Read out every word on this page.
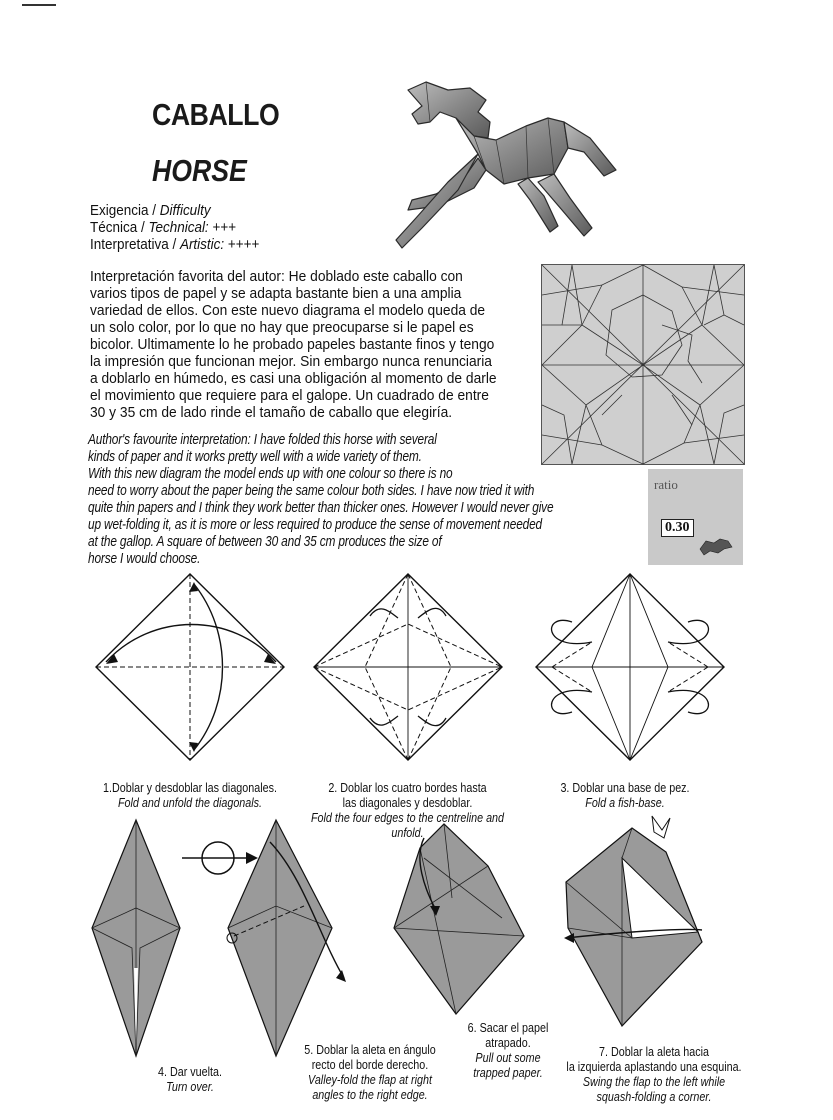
CABALLO
HORSE
Exigencia / Difficulty
Técnica / Technical: +++
Interpretativa / Artistic: ++++
Interpretación favorita del autor: He doblado este caballo con
varios tipos de papel y se adapta bastante bien a una amplia
variedad de ellos. Con este nuevo diagrama el modelo queda de
un solo color, por lo que no hay que preocuparse si le papel es
bicolor. Ultimamente lo he probado papeles bastante finos y tengo
la impresión que funcionan mejor. Sin embargo nunca renunciaria
a doblarlo en húmedo, es casi una obligación al momento de darle
el movimiento que requiere para el galope. Un cuadrado de entre
30 y 35 cm de lado rinde el tamaño de caballo que elegiría.
ratio
0.30
Author's favourite interpretation: I have folded this horse with several
kinds of paper and it works pretty well with a wide variety of them.
With this new diagram the model ends up with one colour so there is no
need to worry about the paper being the same colour both sides. I have now tried it with
quite thin papers and I think they work better than thicker ones. However I would never give
up wet-folding it, as it is more or less required to produce the sense of movement needed
at the gallop. A square of between 30 and 35 cm produces the size of
horse I would choose.

1.Doblar y desdoblar las diagonales.
Fold and unfold the diagonals.

2. Doblar los cuatro bordes hasta
las diagonales y desdoblar.
Fold the four edges to the centreline and unfold.

3. Doblar una base de pez.
Fold a fish-base.

4. Dar vuelta.
Turn over.

5. Doblar la aleta en ángulo
recto del borde derecho.
Valley-fold the flap at right
angles to the right edge.

6. Sacar el papel
atrapado.
Pull out some
trapped paper.

7. Doblar la aleta hacia
la izquierda aplastando una esquina.
Swing the flap to the left while
squash-folding a corner.
